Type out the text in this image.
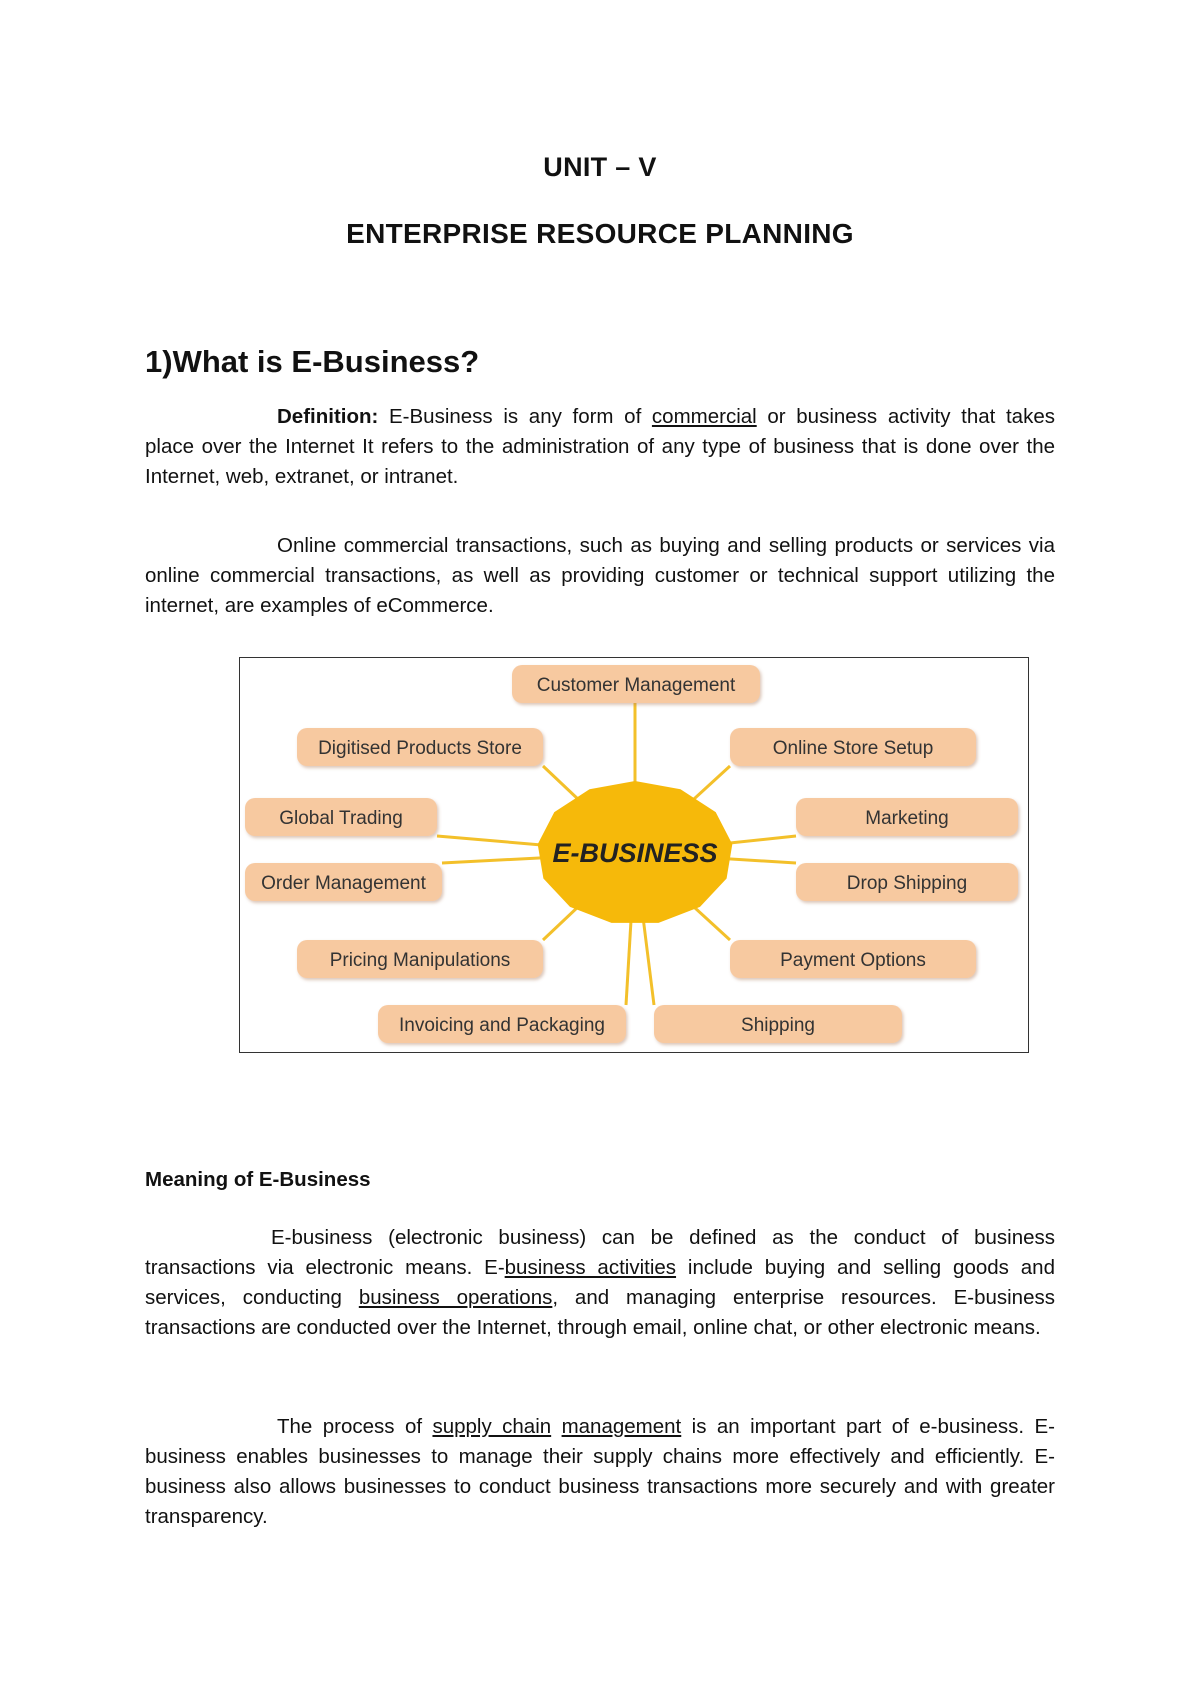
UNIT – V
ENTERPRISE RESOURCE PLANNING
1)What is E-Business?

Definition: E-Business is any form of commercial or business activity that takes place over the Internet It refers to the administration of any type of business that is done over the Internet, web, extranet, or intranet.

Online commercial transactions, such as buying and selling products or services via online commercial transactions, as well as providing customer or technical support utilizing the internet, are examples of eCommerce.

E-BUSINESS
Customer Management
Digitised Products Store	Online Store Setup
Global Trading	Marketing
Order Management	Drop Shipping
Pricing Manipulations	Payment Options
Invoicing and Packaging	Shipping
Meaning of E-Business

E-business (electronic business) can be defined as the conduct of business transactions via electronic means. E-business activities include buying and selling goods and services, conducting business operations, and managing enterprise resources. E-business transactions are conducted over the Internet, through email, online chat, or other electronic means.

The process of supply chain management is an important part of e-business. E-business enables businesses to manage their supply chains more effectively and efficiently. E-business also allows businesses to conduct business transactions more securely and with greater transparency.
